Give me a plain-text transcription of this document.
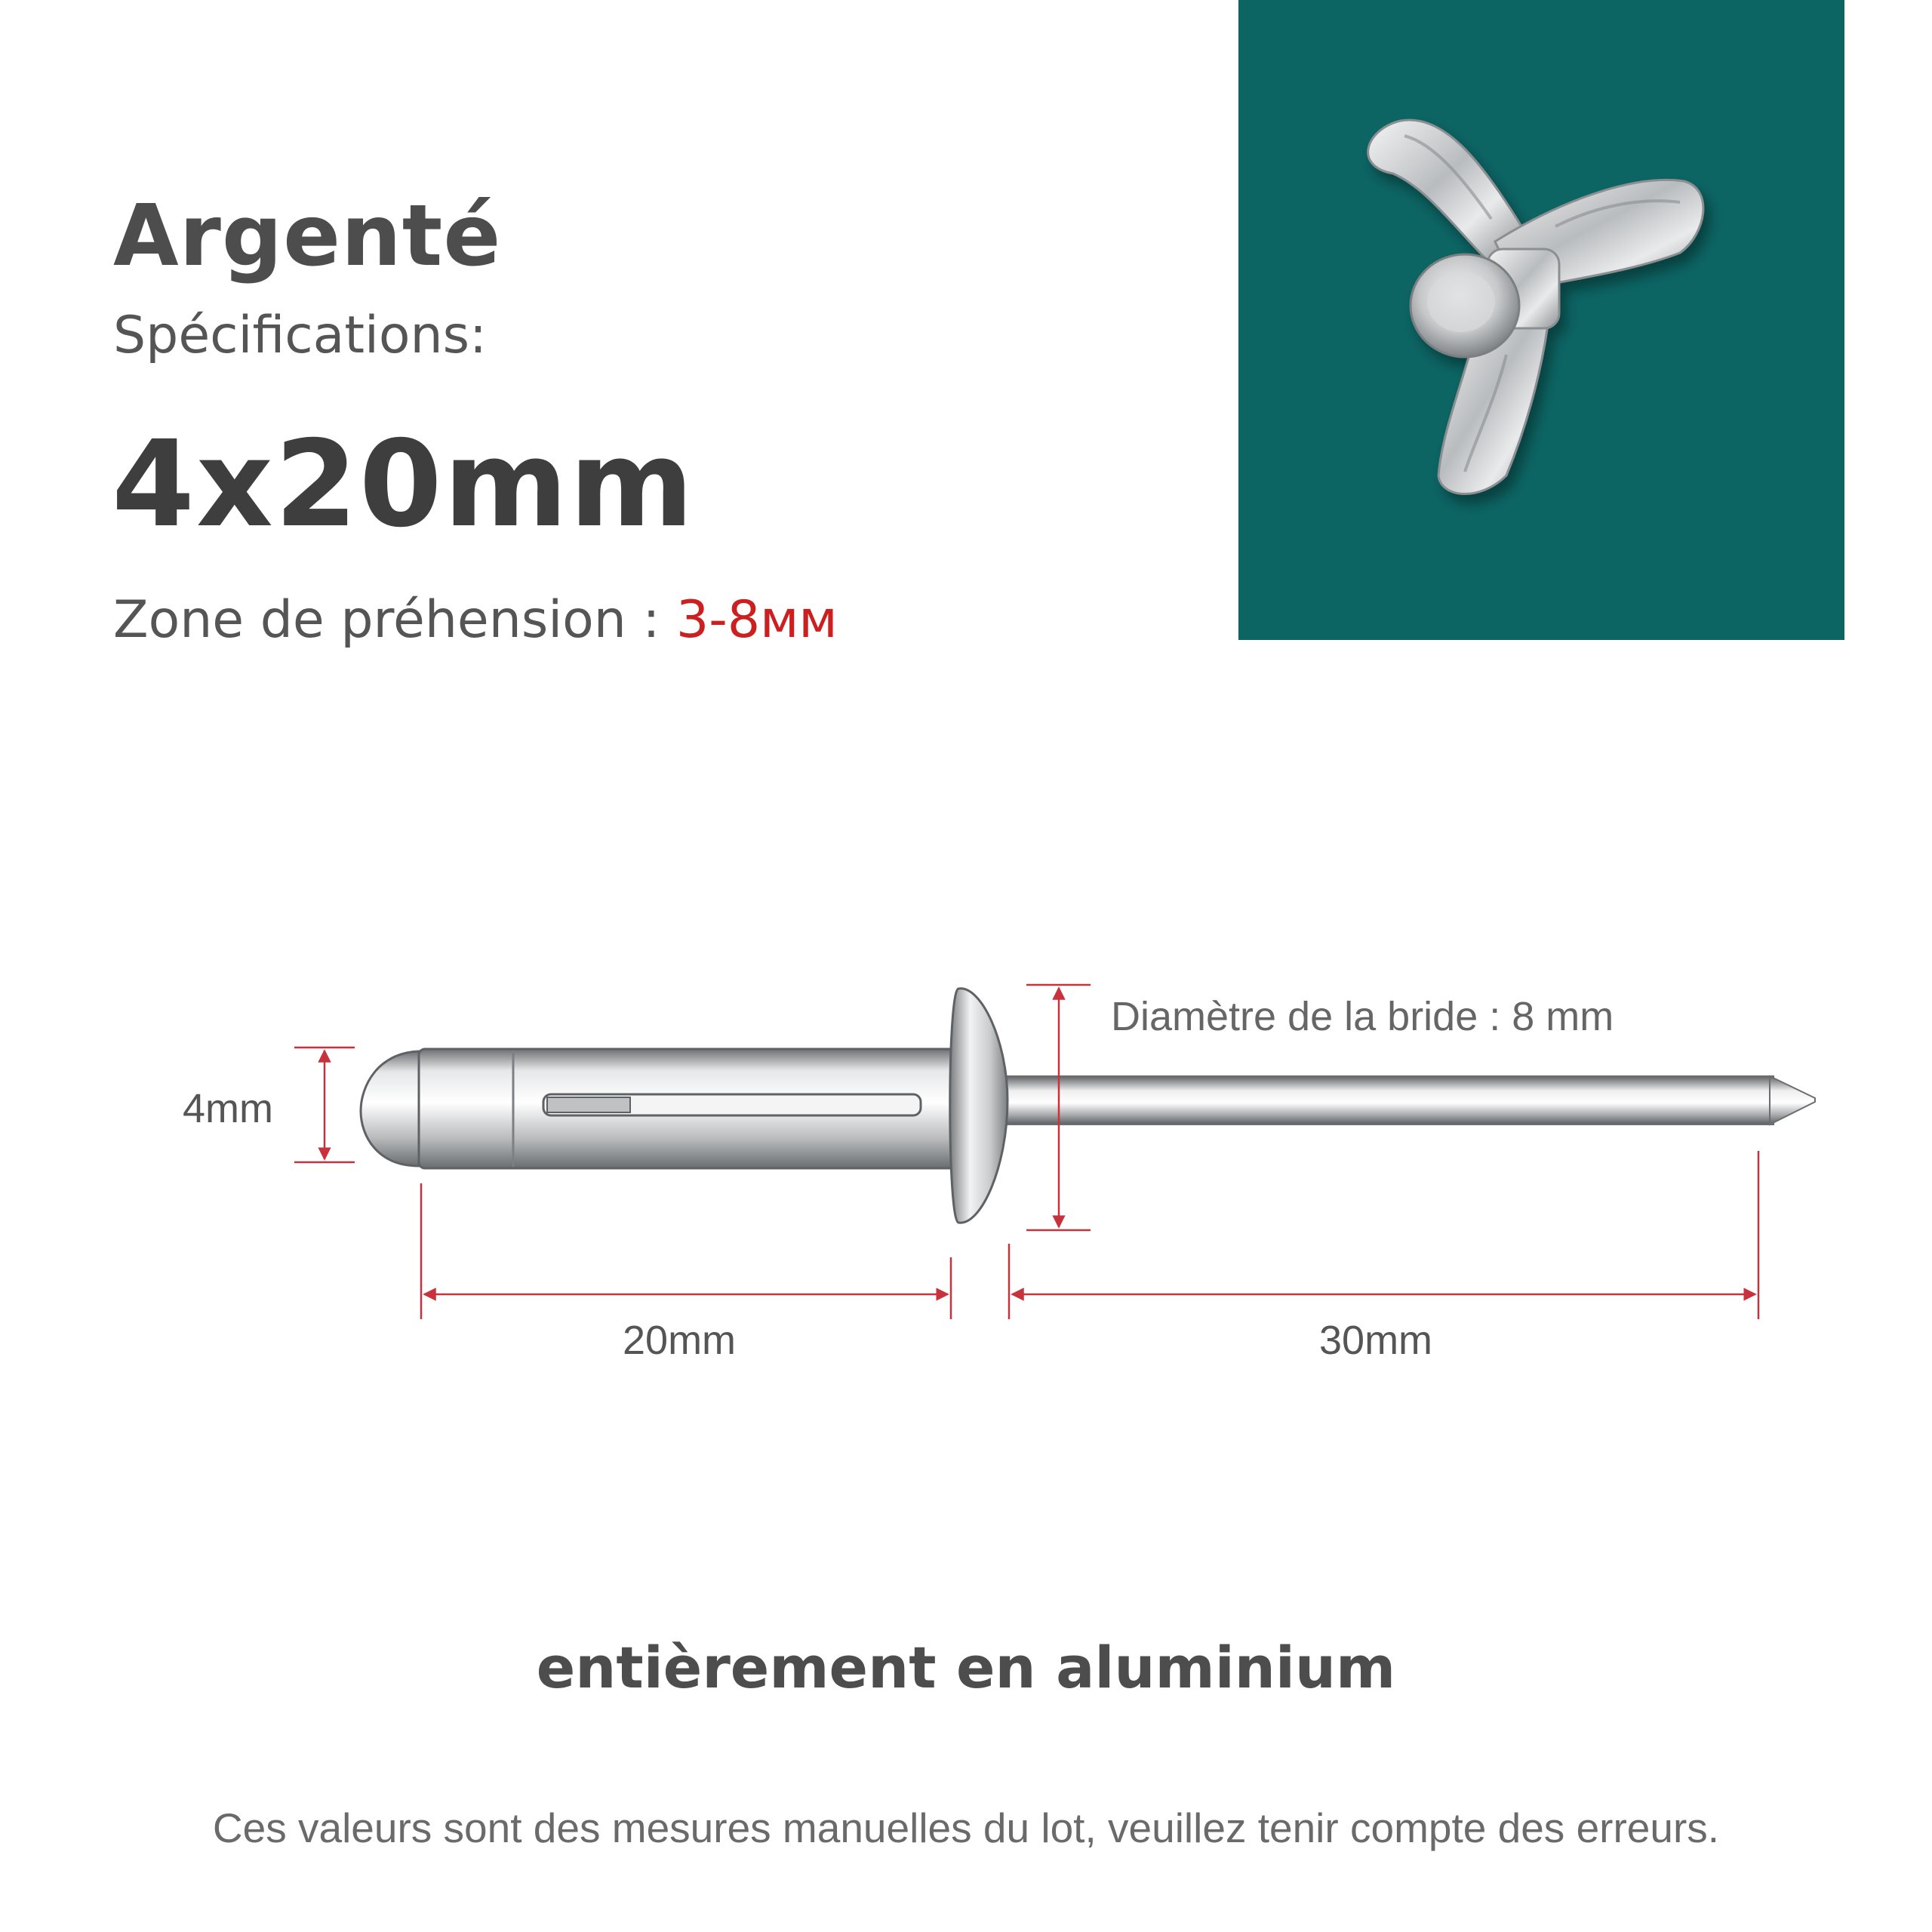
Argenté
Spécifications:
4x20mm
Zone de préhension : 3-8мм
4mm
Diamètre de la bride : 8 mm
20mm	30mm
entièrement en aluminium
Ces valeurs sont des mesures manuelles du lot, veuillez tenir compte des erreurs.
